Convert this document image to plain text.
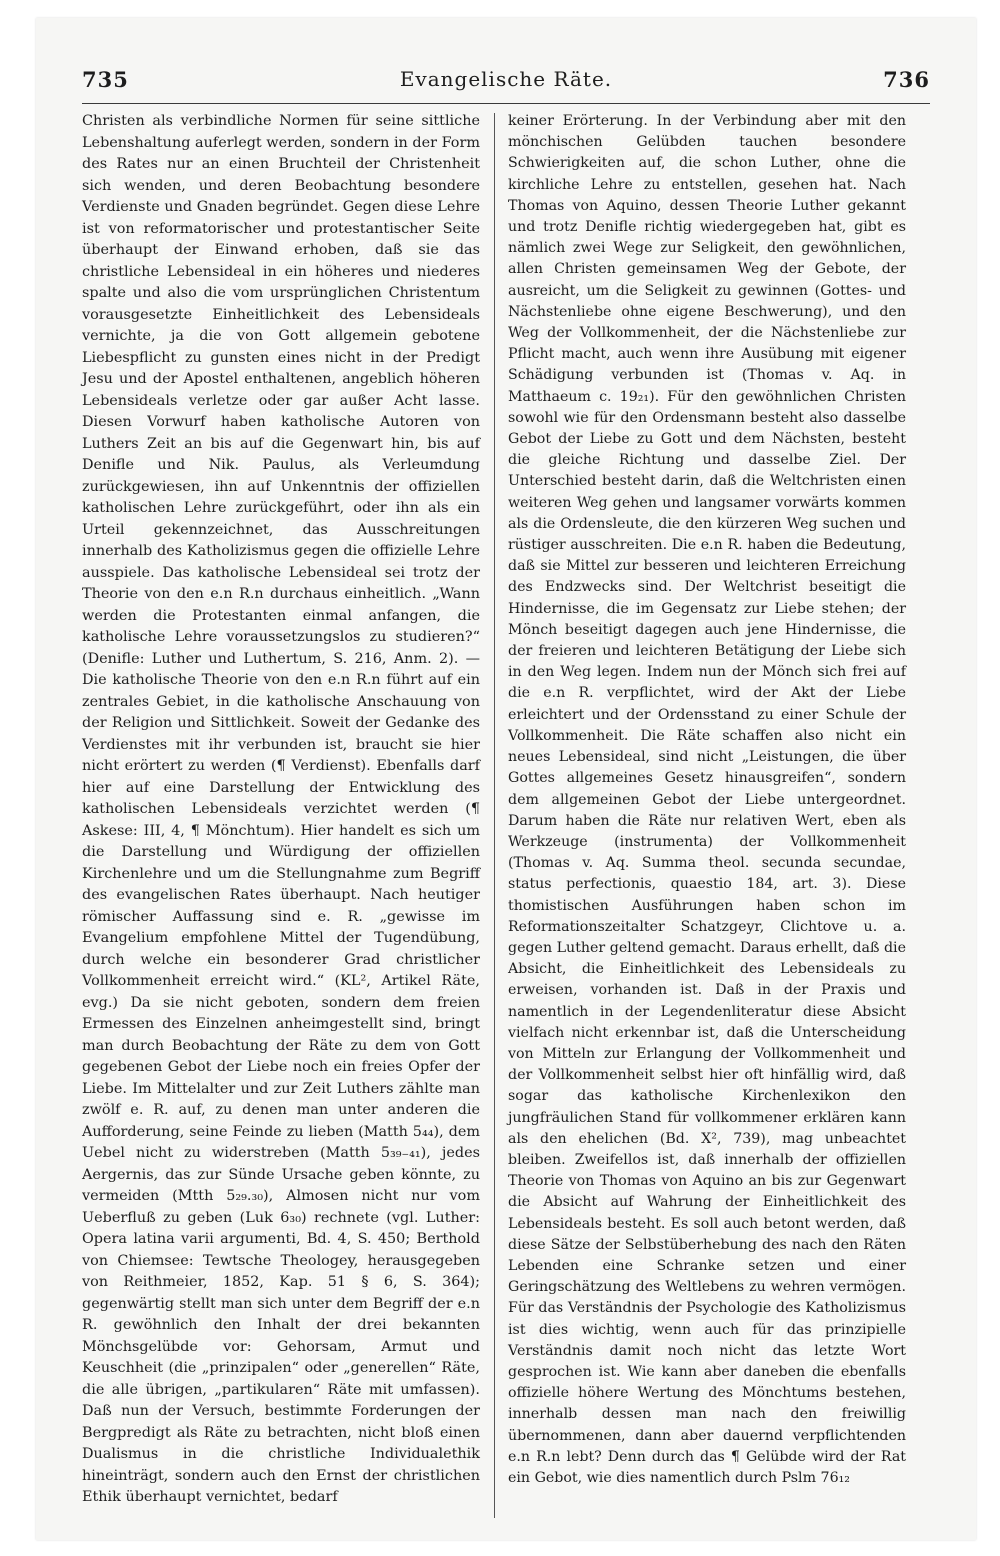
735	Evangelische Räte.	736

Christen als verbindliche Normen für seine sittliche Lebenshaltung auferlegt werden, sondern in der Form des Rates nur an einen Bruchteil der Christenheit sich wenden, und deren Beobachtung besondere Verdienste und Gnaden begründet. Gegen diese Lehre ist von reformatorischer und protestantischer Seite überhaupt der Einwand erhoben, daß sie das christliche Lebensideal in ein höheres und niederes spalte und also die vom ursprünglichen Christentum vorausgesetzte Einheitlichkeit des Lebensideals vernichte, ja die von Gott allgemein gebotene Liebespflicht zu gunsten eines nicht in der Predigt Jesu und der Apostel enthaltenen, angeblich höheren Lebensideals verletze oder gar außer Acht lasse. Diesen Vorwurf haben katholische Autoren von Luthers Zeit an bis auf die Gegenwart hin, bis auf Denifle und Nik. Paulus, als Verleumdung zurückgewiesen, ihn auf Unkenntnis der offiziellen katholischen Lehre zurückgeführt, oder ihn als ein Urteil gekennzeichnet, das Ausschreitungen innerhalb des Katholizismus gegen die offizielle Lehre ausspiele. Das katholische Lebensideal sei trotz der Theorie von den e.n R.n durchaus einheitlich. „Wann werden die Protestanten einmal anfangen, die katholische Lehre voraussetzungslos zu studieren?“ (Denifle: Luther und Luthertum, S. 216, Anm. 2). — Die katholische Theorie von den e.n R.n führt auf ein zentrales Gebiet, in die katholische Anschauung von der Religion und Sittlichkeit. Soweit der Gedanke des Verdienstes mit ihr verbunden ist, braucht sie hier nicht erörtert zu werden (¶ Verdienst). Ebenfalls darf hier auf eine Darstellung der Entwicklung des katholischen Lebensideals verzichtet werden (¶ Askese: III, 4, ¶ Mönchtum). Hier handelt es sich um die Darstellung und Würdigung der offiziellen Kirchenlehre und um die Stellungnahme zum Begriff des evangelischen Rates überhaupt. Nach heutiger römischer Auffassung sind e. R. „gewisse im Evangelium empfohlene Mittel der Tugendübung, durch welche ein besonderer Grad christlicher Vollkommenheit erreicht wird.“ (KL², Artikel Räte, evg.) Da sie nicht geboten, sondern dem freien Ermessen des Einzelnen anheimgestellt sind, bringt man durch Beobachtung der Räte zu dem von Gott gegebenen Gebot der Liebe noch ein freies Opfer der Liebe. Im Mittelalter und zur Zeit Luthers zählte man zwölf e. R. auf, zu denen man unter anderen die Aufforderung, seine Feinde zu lieben (Matth 5₄₄), dem Uebel nicht zu widerstreben (Matth 5₃₉₋₄₁), jedes Aergernis, das zur Sünde Ursache geben könnte, zu vermeiden (Mtth 5₂₉.₃₀), Almosen nicht nur vom Ueberfluß zu geben (Luk 6₃₀) rechnete (vgl. Luther: Opera latina varii argumenti, Bd. 4, S. 450; Berthold von Chiemsee: Tewtsche Theologey, herausgegeben von Reithmeier, 1852, Kap. 51 § 6, S. 364); gegenwärtig stellt man sich unter dem Begriff der e.n R. gewöhnlich den Inhalt der drei bekannten Mönchsgelübde vor: Gehorsam, Armut und Keuschheit (die „prinzipalen“ oder „generellen“ Räte, die alle übrigen, „partikularen“ Räte mit umfassen). Daß nun der Versuch, bestimmte Forderungen der Bergpredigt als Räte zu betrachten, nicht bloß einen Dualismus in die christliche Individualethik hineinträgt, sondern auch den Ernst der christlichen Ethik überhaupt vernichtet, bedarf

keiner Erörterung. In der Verbindung aber mit den mönchischen Gelübden tauchen besondere Schwierigkeiten auf, die schon Luther, ohne die kirchliche Lehre zu entstellen, gesehen hat. Nach Thomas von Aquino, dessen Theorie Luther gekannt und trotz Denifle richtig wiedergegeben hat, gibt es nämlich zwei Wege zur Seligkeit, den gewöhnlichen, allen Christen gemeinsamen Weg der Gebote, der ausreicht, um die Seligkeit zu gewinnen (Gottes- und Nächstenliebe ohne eigene Beschwerung), und den Weg der Vollkommenheit, der die Nächstenliebe zur Pflicht macht, auch wenn ihre Ausübung mit eigener Schädigung verbunden ist (Thomas v. Aq. in Matthaeum c. 19₂₁). Für den gewöhnlichen Christen sowohl wie für den Ordensmann besteht also dasselbe Gebot der Liebe zu Gott und dem Nächsten, besteht die gleiche Richtung und dasselbe Ziel. Der Unterschied besteht darin, daß die Weltchristen einen weiteren Weg gehen und langsamer vorwärts kommen als die Ordensleute, die den kürzeren Weg suchen und rüstiger ausschreiten. Die e.n R. haben die Bedeutung, daß sie Mittel zur besseren und leichteren Erreichung des Endzwecks sind. Der Weltchrist beseitigt die Hindernisse, die im Gegensatz zur Liebe stehen; der Mönch beseitigt dagegen auch jene Hindernisse, die der freieren und leichteren Betätigung der Liebe sich in den Weg legen. Indem nun der Mönch sich frei auf die e.n R. verpflichtet, wird der Akt der Liebe erleichtert und der Ordensstand zu einer Schule der Vollkommenheit. Die Räte schaffen also nicht ein neues Lebensideal, sind nicht „Leistungen, die über Gottes allgemeines Gesetz hinausgreifen“, sondern dem allgemeinen Gebot der Liebe untergeordnet. Darum haben die Räte nur relativen Wert, eben als Werkzeuge (instrumenta) der Vollkommenheit (Thomas v. Aq. Summa theol. secunda secundae, status perfectionis, quaestio 184, art. 3). Diese thomistischen Ausführungen haben schon im Reformationszeitalter Schatzgeyr, Clichtove u. a. gegen Luther geltend gemacht. Daraus erhellt, daß die Absicht, die Einheitlichkeit des Lebensideals zu erweisen, vorhanden ist. Daß in der Praxis und namentlich in der Legendenliteratur diese Absicht vielfach nicht erkennbar ist, daß die Unterscheidung von Mitteln zur Erlangung der Vollkommenheit und der Vollkommenheit selbst hier oft hinfällig wird, daß sogar das katholische Kirchenlexikon den jungfräulichen Stand für vollkommener erklären kann als den ehelichen (Bd. X², 739), mag unbeachtet bleiben. Zweifellos ist, daß innerhalb der offiziellen Theorie von Thomas von Aquino an bis zur Gegenwart die Absicht auf Wahrung der Einheitlichkeit des Lebensideals besteht. Es soll auch betont werden, daß diese Sätze der Selbstüberhebung des nach den Räten Lebenden eine Schranke setzen und einer Geringschätzung des Weltlebens zu wehren vermögen. Für das Verständnis der Psychologie des Katholizismus ist dies wichtig, wenn auch für das prinzipielle Verständnis damit noch nicht das letzte Wort gesprochen ist. Wie kann aber daneben die ebenfalls offizielle höhere Wertung des Mönchtums bestehen, innerhalb dessen man nach den freiwillig übernommenen, dann aber dauernd verpflichtenden e.n R.n lebt? Denn durch das ¶ Gelübde wird der Rat ein Gebot, wie dies namentlich durch Pslm 76₁₂
